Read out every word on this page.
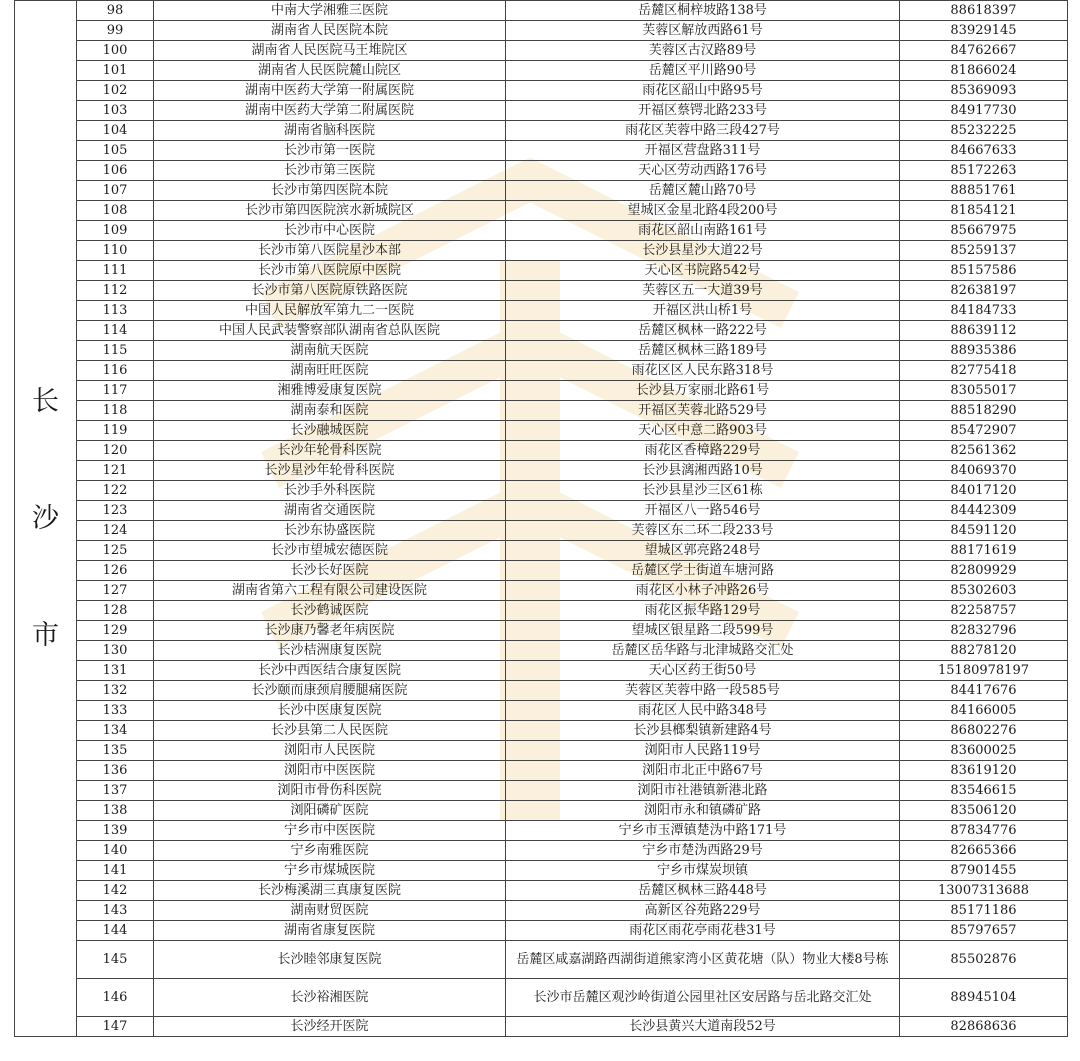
长
沙
市	98	中南大学湘雅三医院	岳麓区桐梓坡路138号	88618397
	99	湖南省人民医院本院	芙蓉区解放西路61号	83929145
	100	湖南省人民医院马王堆院区	芙蓉区古汉路89号	84762667
	101	湖南省人民医院麓山院区	岳麓区平川路90号	81866024
	102	湖南中医药大学第一附属医院	雨花区韶山中路95号	85369093
	103	湖南中医药大学第二附属医院	开福区蔡锷北路233号	84917730
	104	湖南省脑科医院	雨花区芙蓉中路三段427号	85232225
	105	长沙市第一医院	开福区营盘路311号	84667633
	106	长沙市第三医院	天心区劳动西路176号	85172263
	107	长沙市第四医院本院	岳麓区麓山路70号	88851761
	108	长沙市第四医院滨水新城院区	望城区金星北路4段200号	81854121
	109	长沙市中心医院	雨花区韶山南路161号	85667975
	110	长沙市第八医院星沙本部	长沙县星沙大道22号	85259137
	111	长沙市第八医院原中医院	天心区书院路542号	85157586
	112	长沙市第八医院原铁路医院	芙蓉区五一大道39号	82638197
	113	中国人民解放军第九二一医院	开福区洪山桥1号	84184733
	114	中国人民武装警察部队湖南省总队医院	岳麓区枫林一路222号	88639112
	115	湖南航天医院	岳麓区枫林三路189号	88935386
	116	湖南旺旺医院	雨花区区人民东路318号	82775418
	117	湘雅博爱康复医院	长沙县万家丽北路61号	83055017
	118	湖南泰和医院	开福区芙蓉北路529号	88518290
	119	长沙融城医院	天心区中意二路903号	85472907
	120	长沙年轮骨科医院	雨花区香樟路229号	82561362
	121	长沙星沙年轮骨科医院	长沙县漓湘西路10号	84069370
	122	长沙手外科医院	长沙县星沙三区61栋	84017120
	123	湖南省交通医院	开福区八一路546号	84442309
	124	长沙东协盛医院	芙蓉区东二环二段233号	84591120
	125	长沙市望城宏德医院	望城区郭亮路248号	88171619
	126	长沙长好医院	岳麓区学士街道车塘河路	82809929
	127	湖南省第六工程有限公司建设医院	雨花区小林子冲路26号	85302603
	128	长沙鹤诚医院	雨花区振华路129号	82258757
	129	长沙康乃馨老年病医院	望城区银星路二段599号	82832796
	130	长沙桔洲康复医院	岳麓区岳华路与北津城路交汇处	88278120
	131	长沙中西医结合康复医院	天心区药王街50号	15180978197
	132	长沙颐而康颈肩腰腿痛医院	芙蓉区芙蓉中路一段585号	84417676
	133	长沙中医康复医院	雨花区人民中路348号	84166005
	134	长沙县第二人民医院	长沙县榔梨镇新建路4号	86802276
	135	浏阳市人民医院	浏阳市人民路119号	83600025
	136	浏阳市中医医院	浏阳市北正中路67号	83619120
	137	浏阳市骨伤科医院	浏阳市社港镇新港北路	83546615
	138	浏阳磷矿医院	浏阳市永和镇磷矿路	83506120
	139	宁乡市中医医院	宁乡市玉潭镇楚沩中路171号	87834776
	140	宁乡南雅医院	宁乡市楚沩西路29号	82665366
	141	宁乡市煤城医院	宁乡市煤炭坝镇	87901455
	142	长沙梅溪湖三真康复医院	岳麓区枫林三路448号	13007313688
	143	湖南财贸医院	高新区谷苑路229号	85171186
	144	湖南省康复医院	雨花区雨花亭雨花巷31号	85797657
	145	长沙睦邻康复医院	岳麓区咸嘉湖路西湖街道熊家湾小区黄花塘（队）物业大楼8号栋	85502876
	146	长沙裕湘医院	长沙市岳麓区观沙岭街道公园里社区安居路与岳北路交汇处	88945104
	147	长沙经开医院	长沙县黄兴大道南段52号	82868636
